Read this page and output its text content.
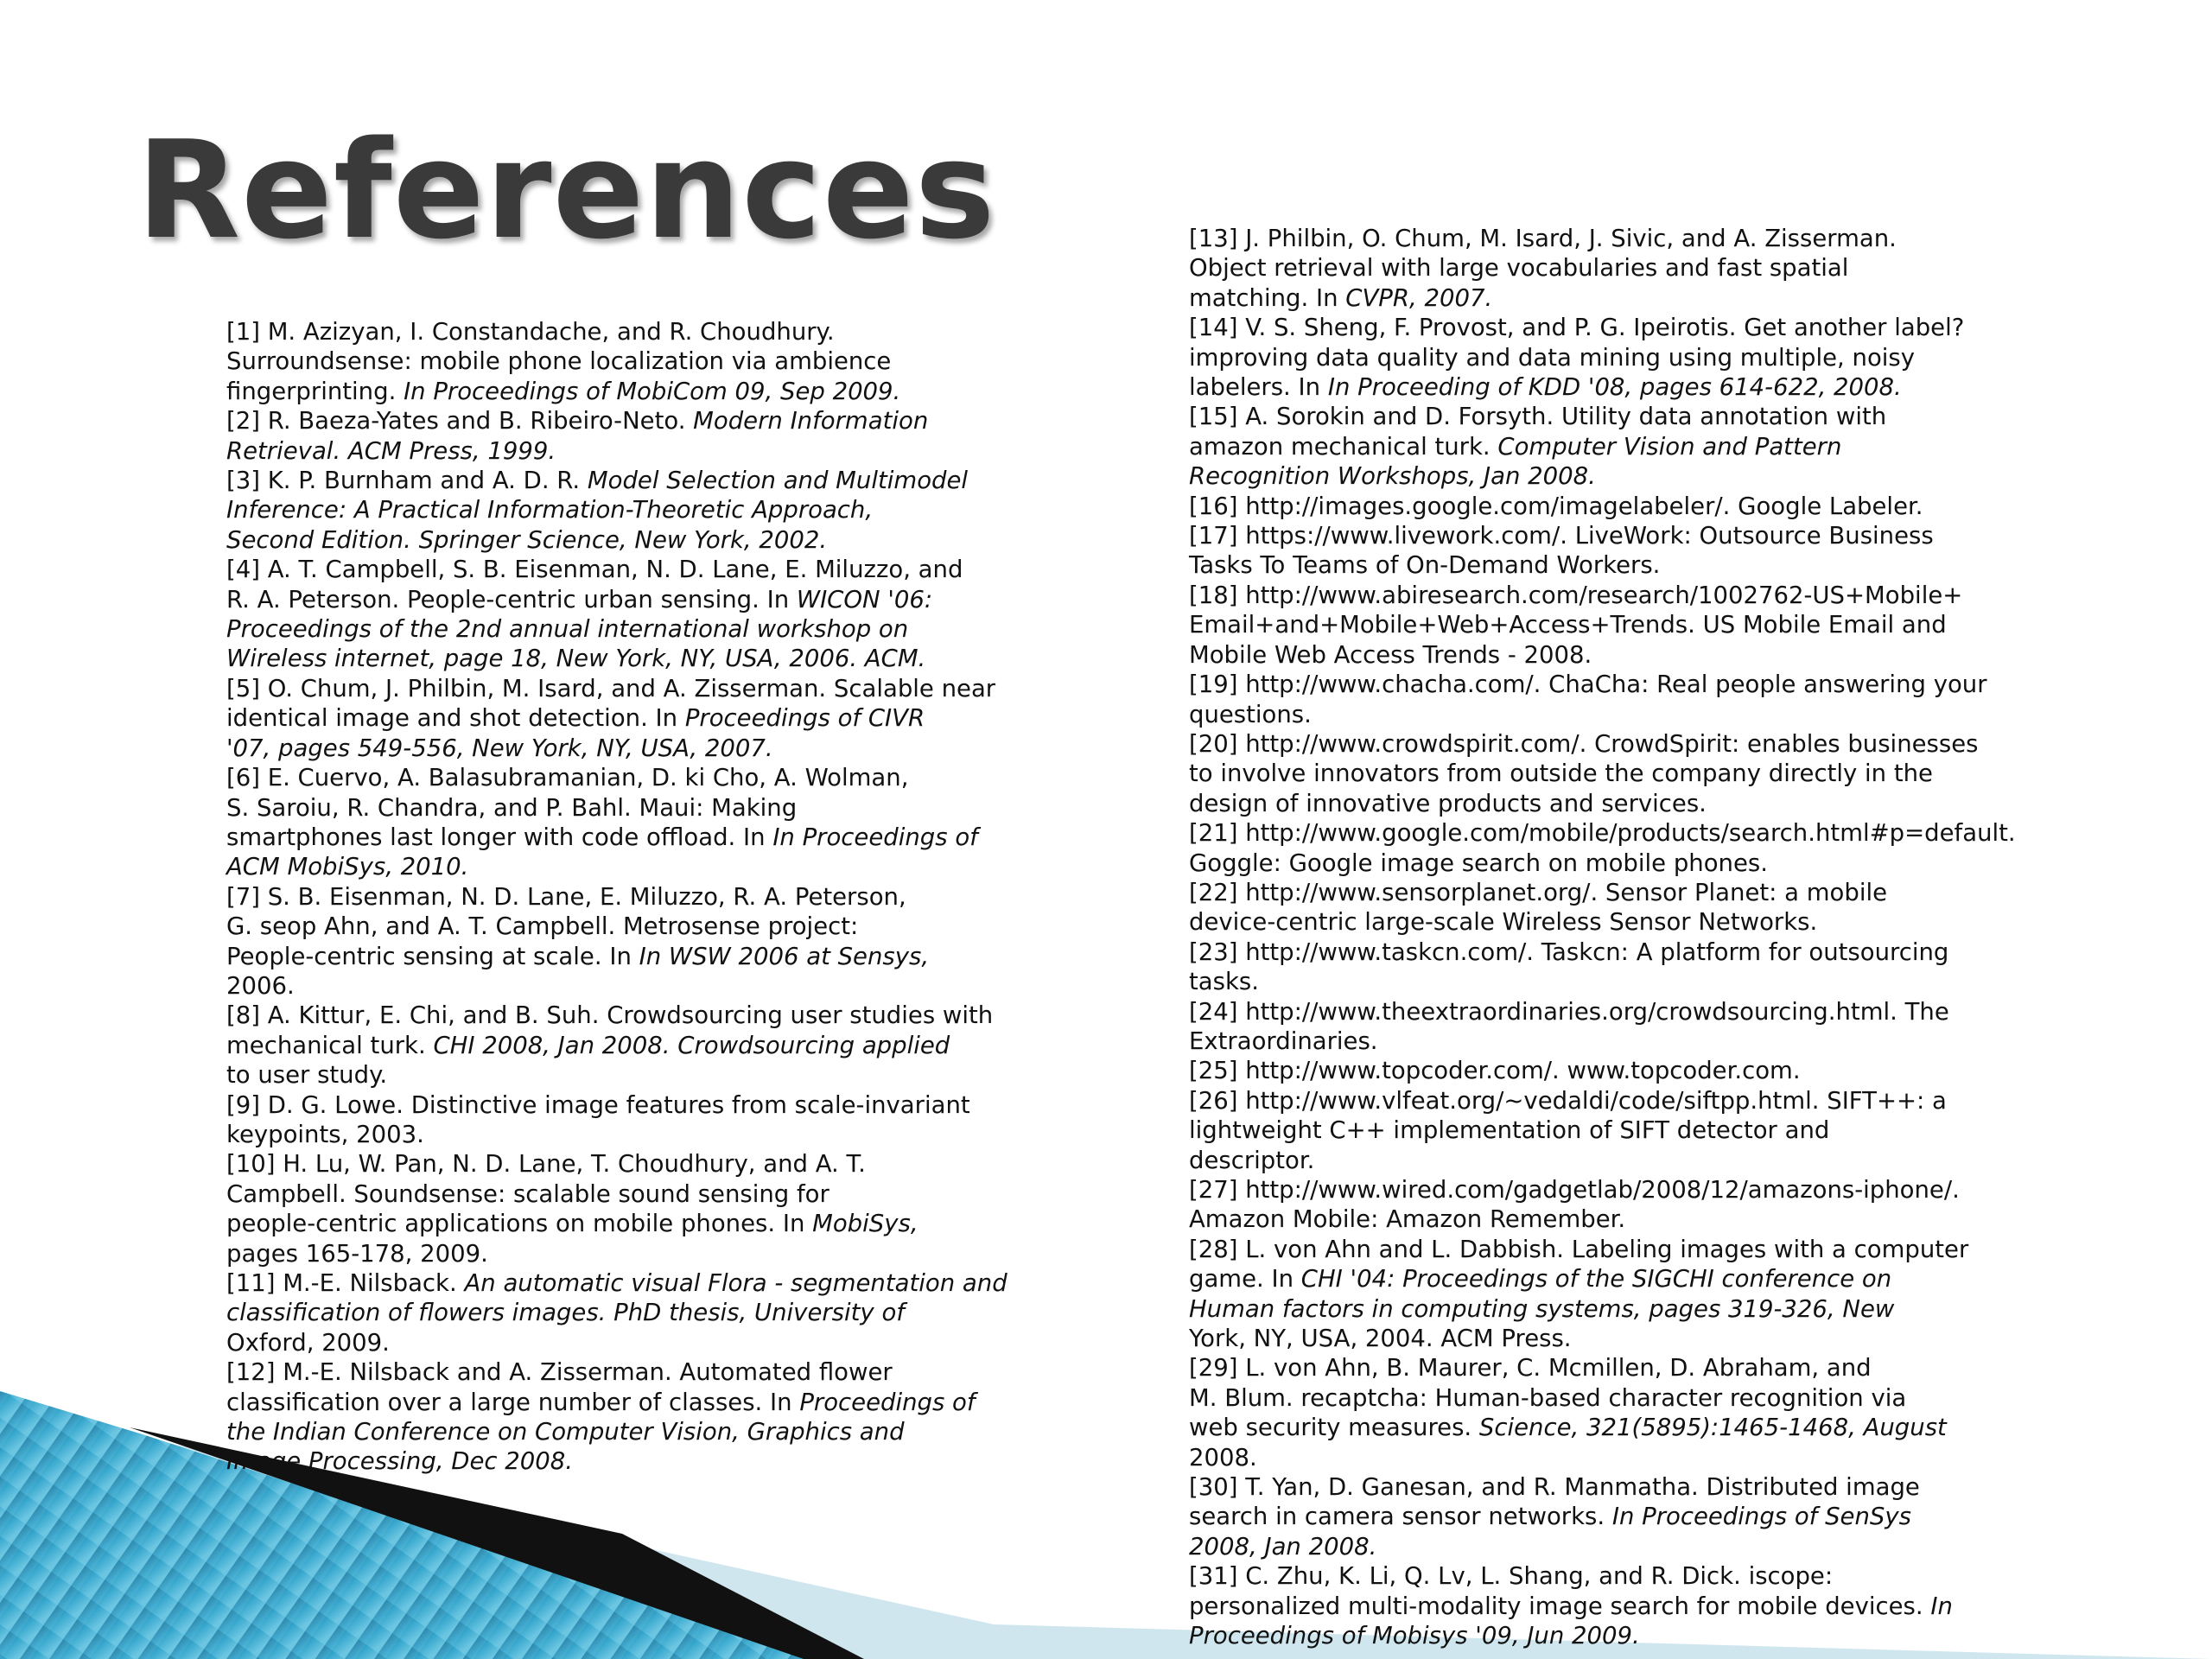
References

[1] M. Azizyan, I. Constandache, and R. Choudhury.
Surroundsense: mobile phone localization via ambience
fingerprinting. In Proceedings of MobiCom 09, Sep 2009.

[2] R. Baeza-Yates and B. Ribeiro-Neto. Modern Information
Retrieval. ACM Press, 1999.

[3] K. P. Burnham and A. D. R. Model Selection and Multimodel
Inference: A Practical Information-Theoretic Approach,
Second Edition. Springer Science, New York, 2002.

[4] A. T. Campbell, S. B. Eisenman, N. D. Lane, E. Miluzzo, and
R. A. Peterson. People-centric urban sensing. In WICON '06:
Proceedings of the 2nd annual international workshop on
Wireless internet, page 18, New York, NY, USA, 2006. ACM.

[5] O. Chum, J. Philbin, M. Isard, and A. Zisserman. Scalable near
identical image and shot detection. In Proceedings of CIVR
'07, pages 549-556, New York, NY, USA, 2007.

[6] E. Cuervo, A. Balasubramanian, D. ki Cho, A. Wolman,
S. Saroiu, R. Chandra, and P. Bahl. Maui: Making
smartphones last longer with code offload. In In Proceedings of
ACM MobiSys, 2010.

[7] S. B. Eisenman, N. D. Lane, E. Miluzzo, R. A. Peterson,
G. seop Ahn, and A. T. Campbell. Metrosense project:
People-centric sensing at scale. In In WSW 2006 at Sensys,
2006.

[8] A. Kittur, E. Chi, and B. Suh. Crowdsourcing user studies with
mechanical turk. CHI 2008, Jan 2008. Crowdsourcing applied
to user study.

[9] D. G. Lowe. Distinctive image features from scale-invariant
keypoints, 2003.

[10] H. Lu, W. Pan, N. D. Lane, T. Choudhury, and A. T.
Campbell. Soundsense: scalable sound sensing for
people-centric applications on mobile phones. In MobiSys,
pages 165-178, 2009.

[11] M.-E. Nilsback. An automatic visual Flora - segmentation and
classification of flowers images. PhD thesis, University of
Oxford, 2009.

[12] M.-E. Nilsback and A. Zisserman. Automated flower
classification over a large number of classes. In Proceedings of
the Indian Conference on Computer Vision, Graphics and
Image Processing, Dec 2008.

[13] J. Philbin, O. Chum, M. Isard, J. Sivic, and A. Zisserman.
Object retrieval with large vocabularies and fast spatial
matching. In CVPR, 2007.

[14] V. S. Sheng, F. Provost, and P. G. Ipeirotis. Get another label?
improving data quality and data mining using multiple, noisy
labelers. In In Proceeding of KDD '08, pages 614-622, 2008.

[15] A. Sorokin and D. Forsyth. Utility data annotation with
amazon mechanical turk. Computer Vision and Pattern
Recognition Workshops, Jan 2008.

[16] http://images.google.com/imagelabeler/. Google Labeler.

[17] https://www.livework.com/. LiveWork: Outsource Business
Tasks To Teams of On-Demand Workers.

[18] http://www.abiresearch.com/research/1002762-US+Mobile+
Email+and+Mobile+Web+Access+Trends. US Mobile Email and
Mobile Web Access Trends - 2008.

[19] http://www.chacha.com/. ChaCha: Real people answering your
questions.

[20] http://www.crowdspirit.com/. CrowdSpirit: enables businesses
to involve innovators from outside the company directly in the
design of innovative products and services.

[21] http://www.google.com/mobile/products/search.html#p=default.
Goggle: Google image search on mobile phones.

[22] http://www.sensorplanet.org/. Sensor Planet: a mobile
device-centric large-scale Wireless Sensor Networks.

[23] http://www.taskcn.com/. Taskcn: A platform for outsourcing
tasks.

[24] http://www.theextraordinaries.org/crowdsourcing.html. The
Extraordinaries.

[25] http://www.topcoder.com/. www.topcoder.com.

[26] http://www.vlfeat.org/~vedaldi/code/siftpp.html. SIFT++: a
lightweight C++ implementation of SIFT detector and
descriptor.

[27] http://www.wired.com/gadgetlab/2008/12/amazons-iphone/.
Amazon Mobile: Amazon Remember.

[28] L. von Ahn and L. Dabbish. Labeling images with a computer
game. In CHI '04: Proceedings of the SIGCHI conference on
Human factors in computing systems, pages 319-326, New
York, NY, USA, 2004. ACM Press.

[29] L. von Ahn, B. Maurer, C. Mcmillen, D. Abraham, and
M. Blum. recaptcha: Human-based character recognition via
web security measures. Science, 321(5895):1465-1468, August
2008.

[30] T. Yan, D. Ganesan, and R. Manmatha. Distributed image
search in camera sensor networks. In Proceedings of SenSys
2008, Jan 2008.

[31] C. Zhu, K. Li, Q. Lv, L. Shang, and R. Dick. iscope:
personalized multi-modality image search for mobile devices. In
Proceedings of Mobisys '09, Jun 2009.
